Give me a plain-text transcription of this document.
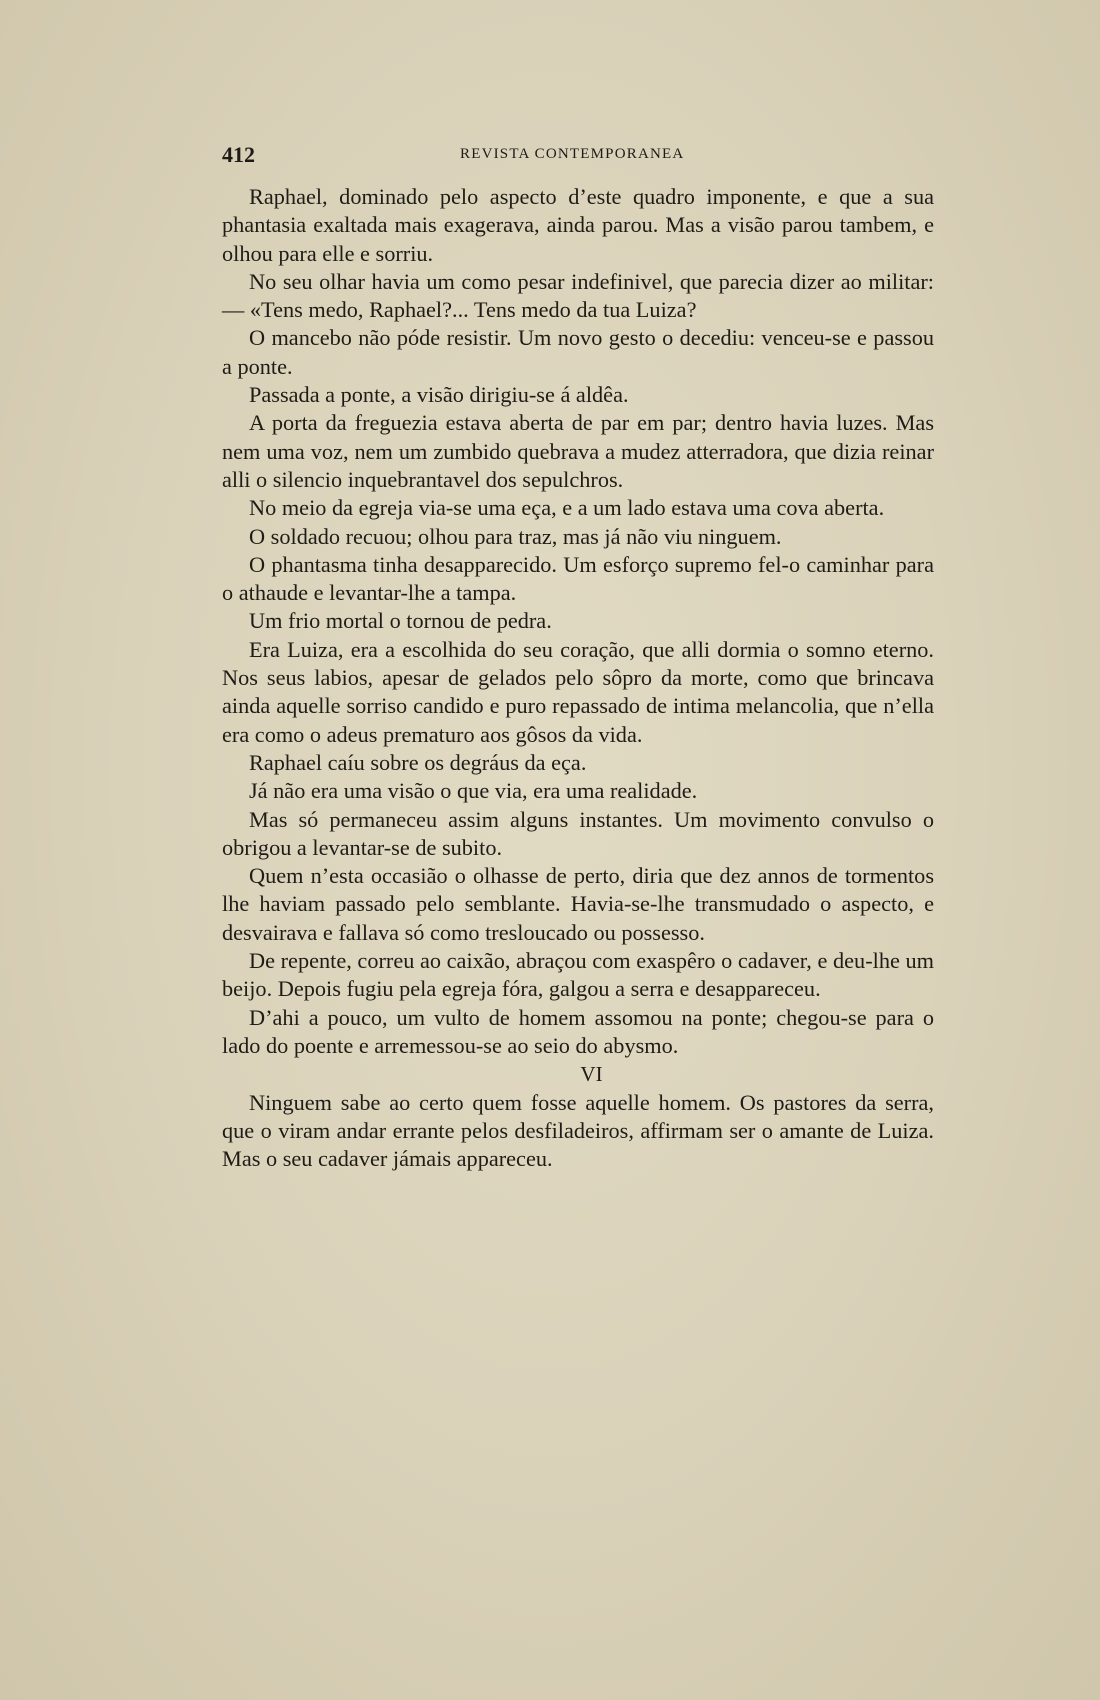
412	REVISTA CONTEMPORANEA

Raphael, dominado pelo aspecto d’este quadro imponente, e que a sua phantasia exaltada mais exagerava, ainda parou. Mas a visão parou tambem, e olhou para elle e sorriu.

No seu olhar havia um como pesar indefinivel, que parecia dizer ao militar: — «Tens medo, Raphael?... Tens medo da tua Luiza?

O mancebo não póde resistir. Um novo gesto o decediu: venceu-se e passou a ponte.

Passada a ponte, a visão dirigiu-se á aldêa.

A porta da freguezia estava aberta de par em par; dentro havia luzes. Mas nem uma voz, nem um zumbido quebrava a mudez atterradora, que dizia reinar alli o silencio inquebrantavel dos sepulchros.

No meio da egreja via-se uma eça, e a um lado estava uma cova aberta.

O soldado recuou; olhou para traz, mas já não viu ninguem.

O phantasma tinha desapparecido. Um esforço supremo fel-o caminhar para o athaude e levantar-lhe a tampa.

Um frio mortal o tornou de pedra.

Era Luiza, era a escolhida do seu coração, que alli dormia o somno eterno. Nos seus labios, apesar de gelados pelo sôpro da morte, como que brincava ainda aquelle sorriso candido e puro repassado de intima melancolia, que n’ella era como o adeus prematuro aos gôsos da vida.

Raphael caíu sobre os degráus da eça.

Já não era uma visão o que via, era uma realidade.

Mas só permaneceu assim alguns instantes. Um movimento convulso o obrigou a levantar-se de subito.

Quem n’esta occasião o olhasse de perto, diria que dez annos de tormentos lhe haviam passado pelo semblante. Havia-se-lhe transmudado o aspecto, e desvairava e fallava só como tresloucado ou possesso.

De repente, correu ao caixão, abraçou com exaspêro o cadaver, e deu-lhe um beijo. Depois fugiu pela egreja fóra, galgou a serra e desappareceu.

D’ahi a pouco, um vulto de homem assomou na ponte; chegou-se para o lado do poente e arremessou-se ao seio do abysmo.

VI

Ninguem sabe ao certo quem fosse aquelle homem. Os pastores da serra, que o viram andar errante pelos desfiladeiros, affirmam ser o amante de Luiza. Mas o seu cadaver jámais appareceu.
